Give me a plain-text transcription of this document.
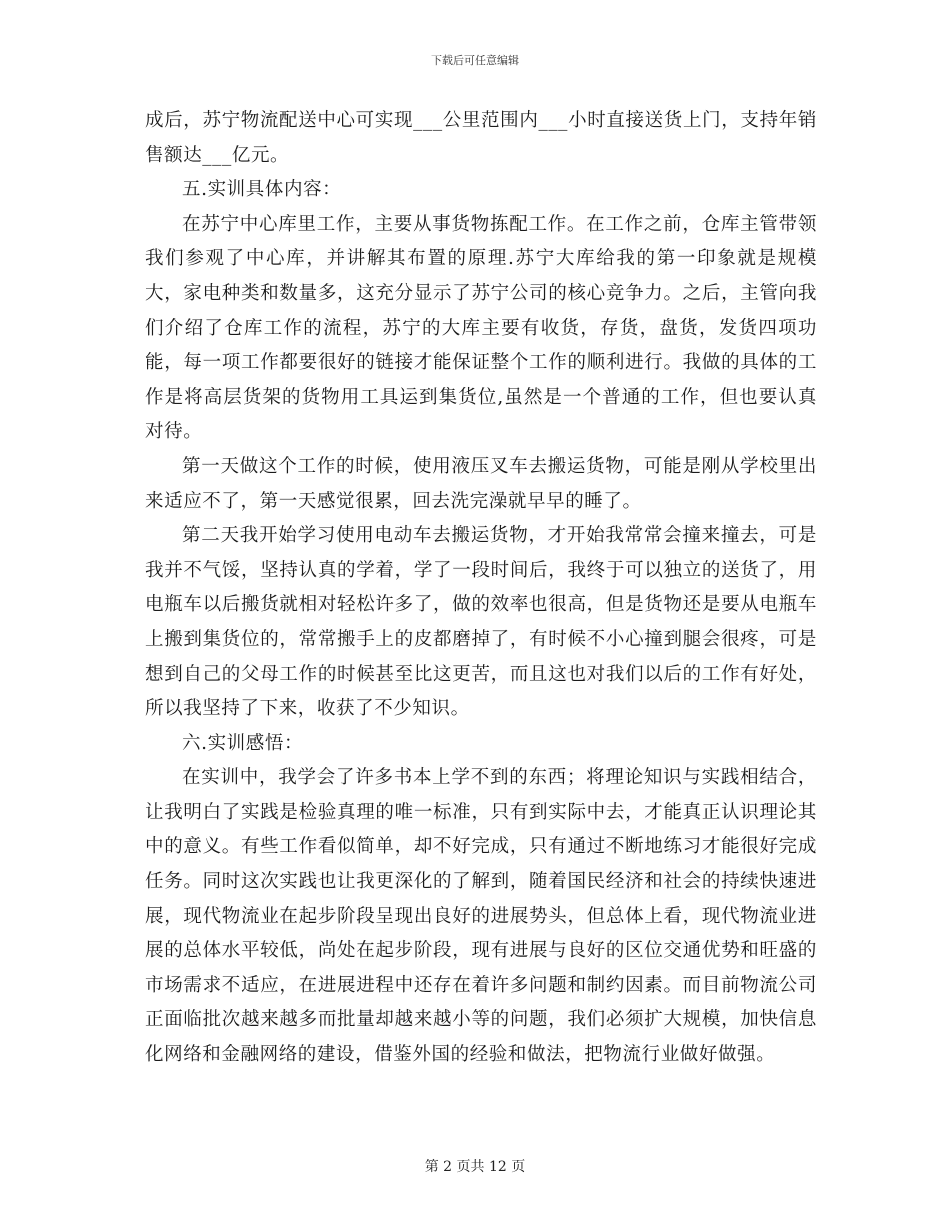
下载后可任意编辑

成后，苏宁物流配送中心可实现___公里范围内___小时直接送货上门，支持年销售额达___亿元。

五.实训具体内容：

在苏宁中心库里工作，主要从事货物拣配工作。在工作之前，仓库主管带领我们参观了中心库，并讲解其布置的原理.苏宁大库给我的第一印象就是规模大，家电种类和数量多，这充分显示了苏宁公司的核心竞争力。之后，主管向我们介绍了仓库工作的流程，苏宁的大库主要有收货，存货，盘货，发货四项功能，每一项工作都要很好的链接才能保证整个工作的顺利进行。我做的具体的工作是将高层货架的货物用工具运到集货位,虽然是一个普通的工作，但也要认真对待。

第一天做这个工作的时候，使用液压叉车去搬运货物，可能是刚从学校里出来适应不了，第一天感觉很累，回去洗完澡就早早的睡了。

第二天我开始学习使用电动车去搬运货物，才开始我常常会撞来撞去，可是我并不气馁，坚持认真的学着，学了一段时间后，我终于可以独立的送货了，用电瓶车以后搬货就相对轻松许多了，做的效率也很高，但是货物还是要从电瓶车上搬到集货位的，常常搬手上的皮都磨掉了，有时候不小心撞到腿会很疼，可是想到自己的父母工作的时候甚至比这更苦，而且这也对我们以后的工作有好处，所以我坚持了下来，收获了不少知识。

六.实训感悟：

在实训中，我学会了许多书本上学不到的东西；将理论知识与实践相结合，让我明白了实践是检验真理的唯一标准，只有到实际中去，才能真正认识理论其中的意义。有些工作看似简单，却不好完成，只有通过不断地练习才能很好完成任务。同时这次实践也让我更深化的了解到，随着国民经济和社会的持续快速进展，现代物流业在起步阶段呈现出良好的进展势头，但总体上看，现代物流业进展的总体水平较低，尚处在起步阶段，现有进展与良好的区位交通优势和旺盛的市场需求不适应，在进展进程中还存在着许多问题和制约因素。而目前物流公司正面临批次越来越多而批量却越来越小等的问题，我们必须扩大规模，加快信息化网络和金融网络的建设，借鉴外国的经验和做法，把物流行业做好做强。

第 2 页共 12 页
